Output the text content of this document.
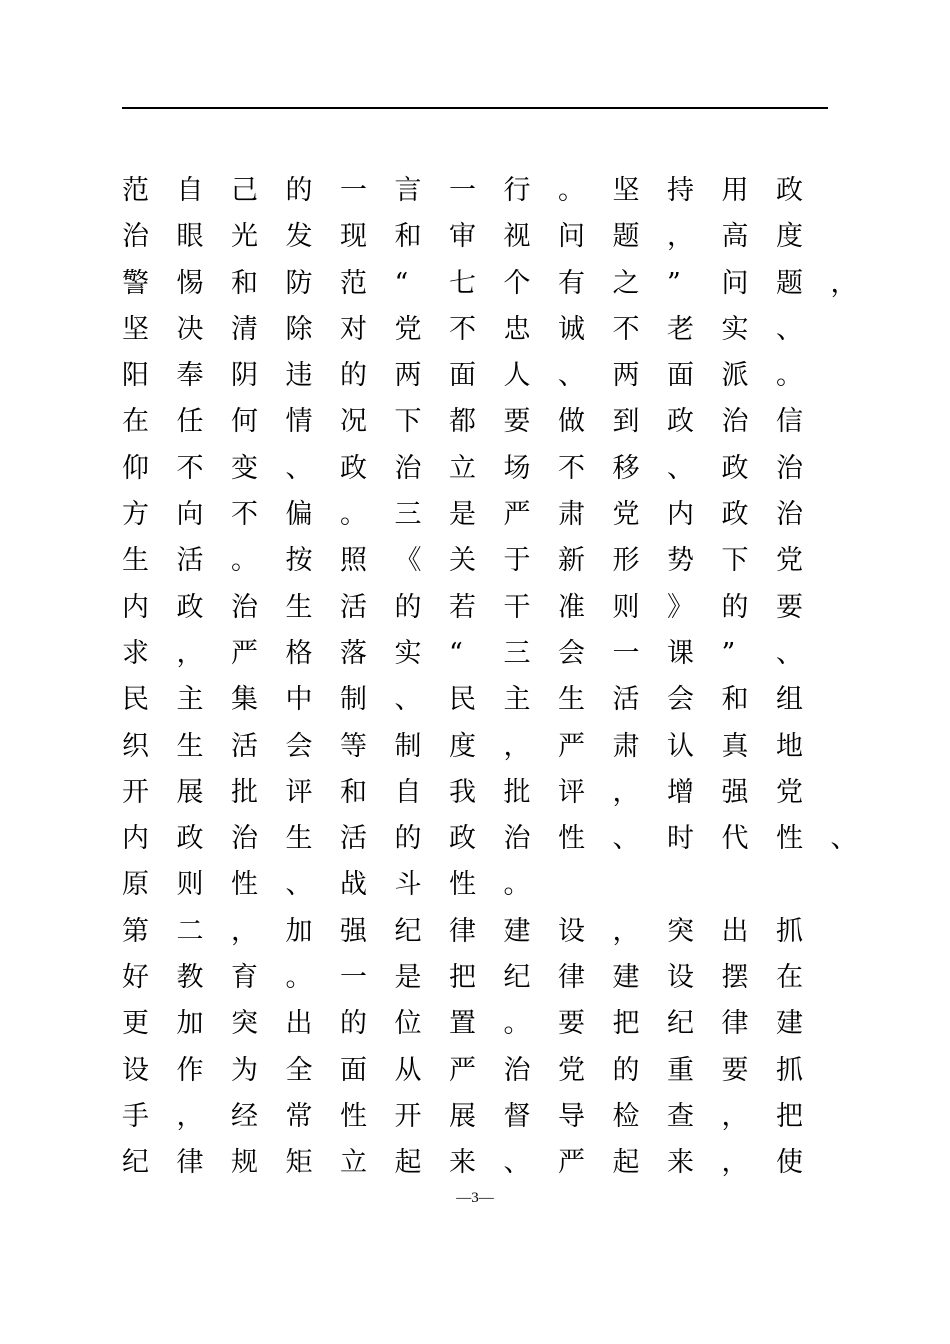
范 自 己 的 一 言 一 行 。 坚 持 用 政
治 眼 光 发 现 和 审 视 问 题 ， 高 度
警 惕 和 防 范 “ 七 个 有 之 ” 问 题 ，
坚 决 清 除 对 党 不 忠 诚 不 老 实 、
阳 奉 阴 违 的 两 面 人 、 两 面 派 。
在 任 何 情 况 下 都 要 做 到 政 治 信
仰 不 变 、 政 治 立 场 不 移 、 政 治
方 向 不 偏 。 三 是 严 肃 党 内 政 治
生 活 。 按 照 《 关 于 新 形 势 下 党
内 政 治 生 活 的 若 干 准 则 》 的 要
求 ， 严 格 落 实 “ 三 会 一 课 ” 、
民 主 集 中 制 、 民 主 生 活 会 和 组
织 生 活 会 等 制 度 ， 严 肃 认 真 地
开 展 批 评 和 自 我 批 评 ， 增 强 党
内 政 治 生 活 的 政 治 性 、 时 代 性 、
原 则 性 、 战 斗 性 。
第 二 ， 加 强 纪 律 建 设 ， 突 出 抓
好 教 育 。 一 是 把 纪 律 建 设 摆 在
更 加 突 出 的 位 置 。 要 把 纪 律 建
设 作 为 全 面 从 严 治 党 的 重 要 抓
手 ， 经 常 性 开 展 督 导 检 查 ， 把
纪 律 规 矩 立 起 来 、 严 起 来 ， 使
—3—
